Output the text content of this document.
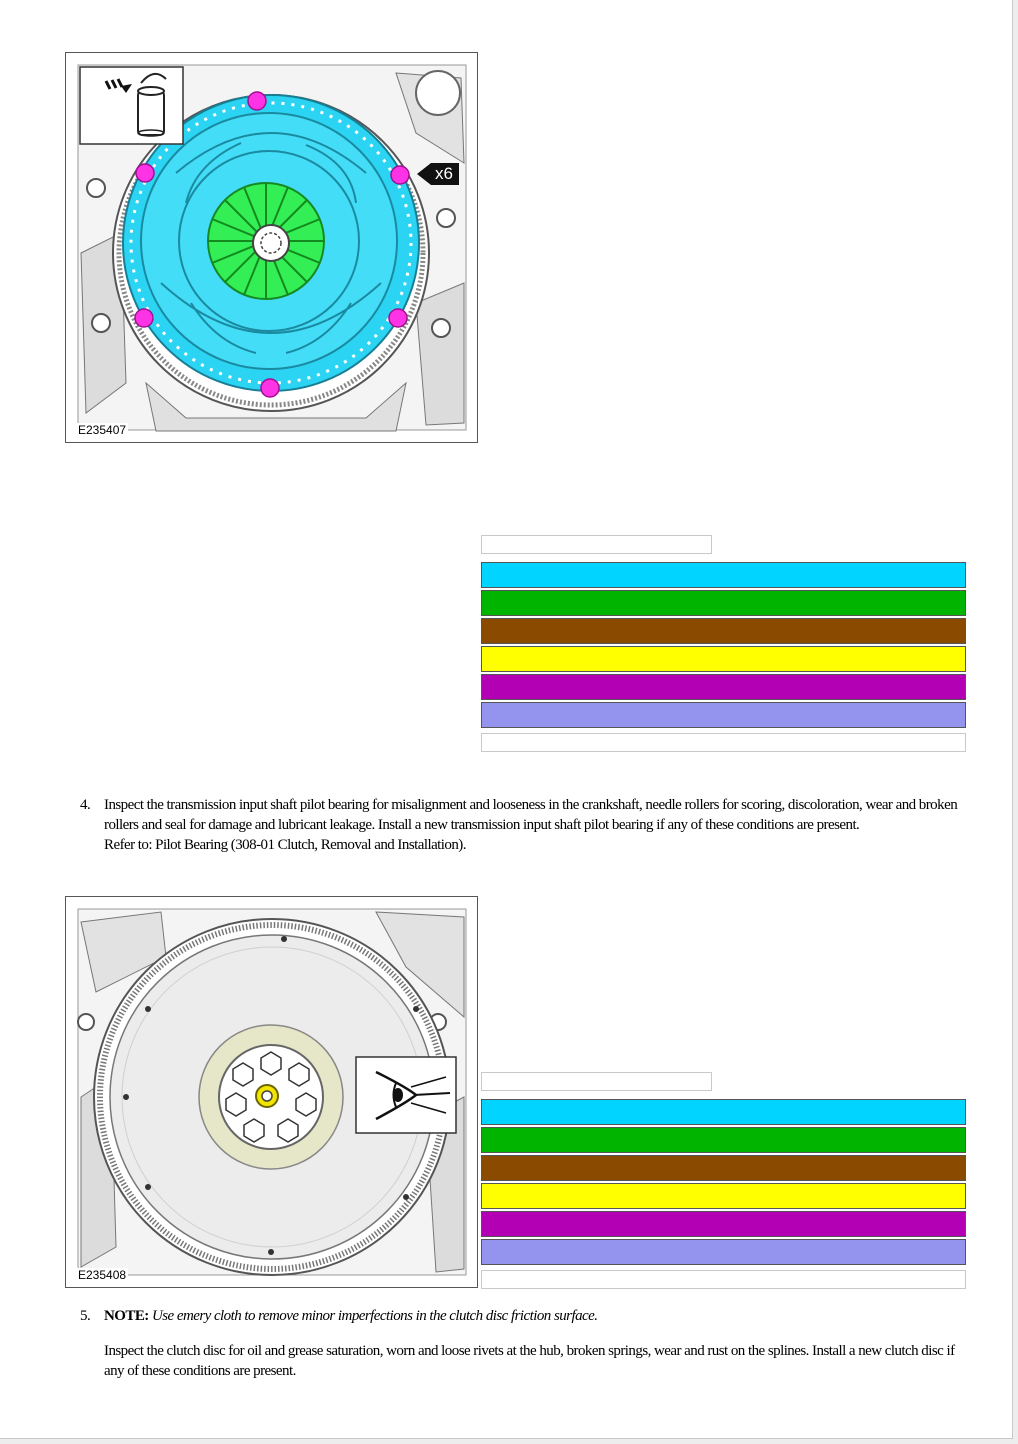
x6
E235407
4. Inspect the transmission input shaft pilot bearing for misalignment and looseness in the crankshaft, needle rollers for scoring, discoloration, wear and broken rollers and seal for damage and lubricant leakage. Install a new transmission input shaft pilot bearing if any of these conditions are present.
Refer to: Pilot Bearing (308-01 Clutch, Removal and Installation).
E235408
5. NOTE: Use emery cloth to remove minor imperfections in the clutch disc friction surface.
Inspect the clutch disc for oil and grease saturation, worn and loose rivets at the hub, broken springs, wear and rust on the splines. Install a new clutch disc if any of these conditions are present.
